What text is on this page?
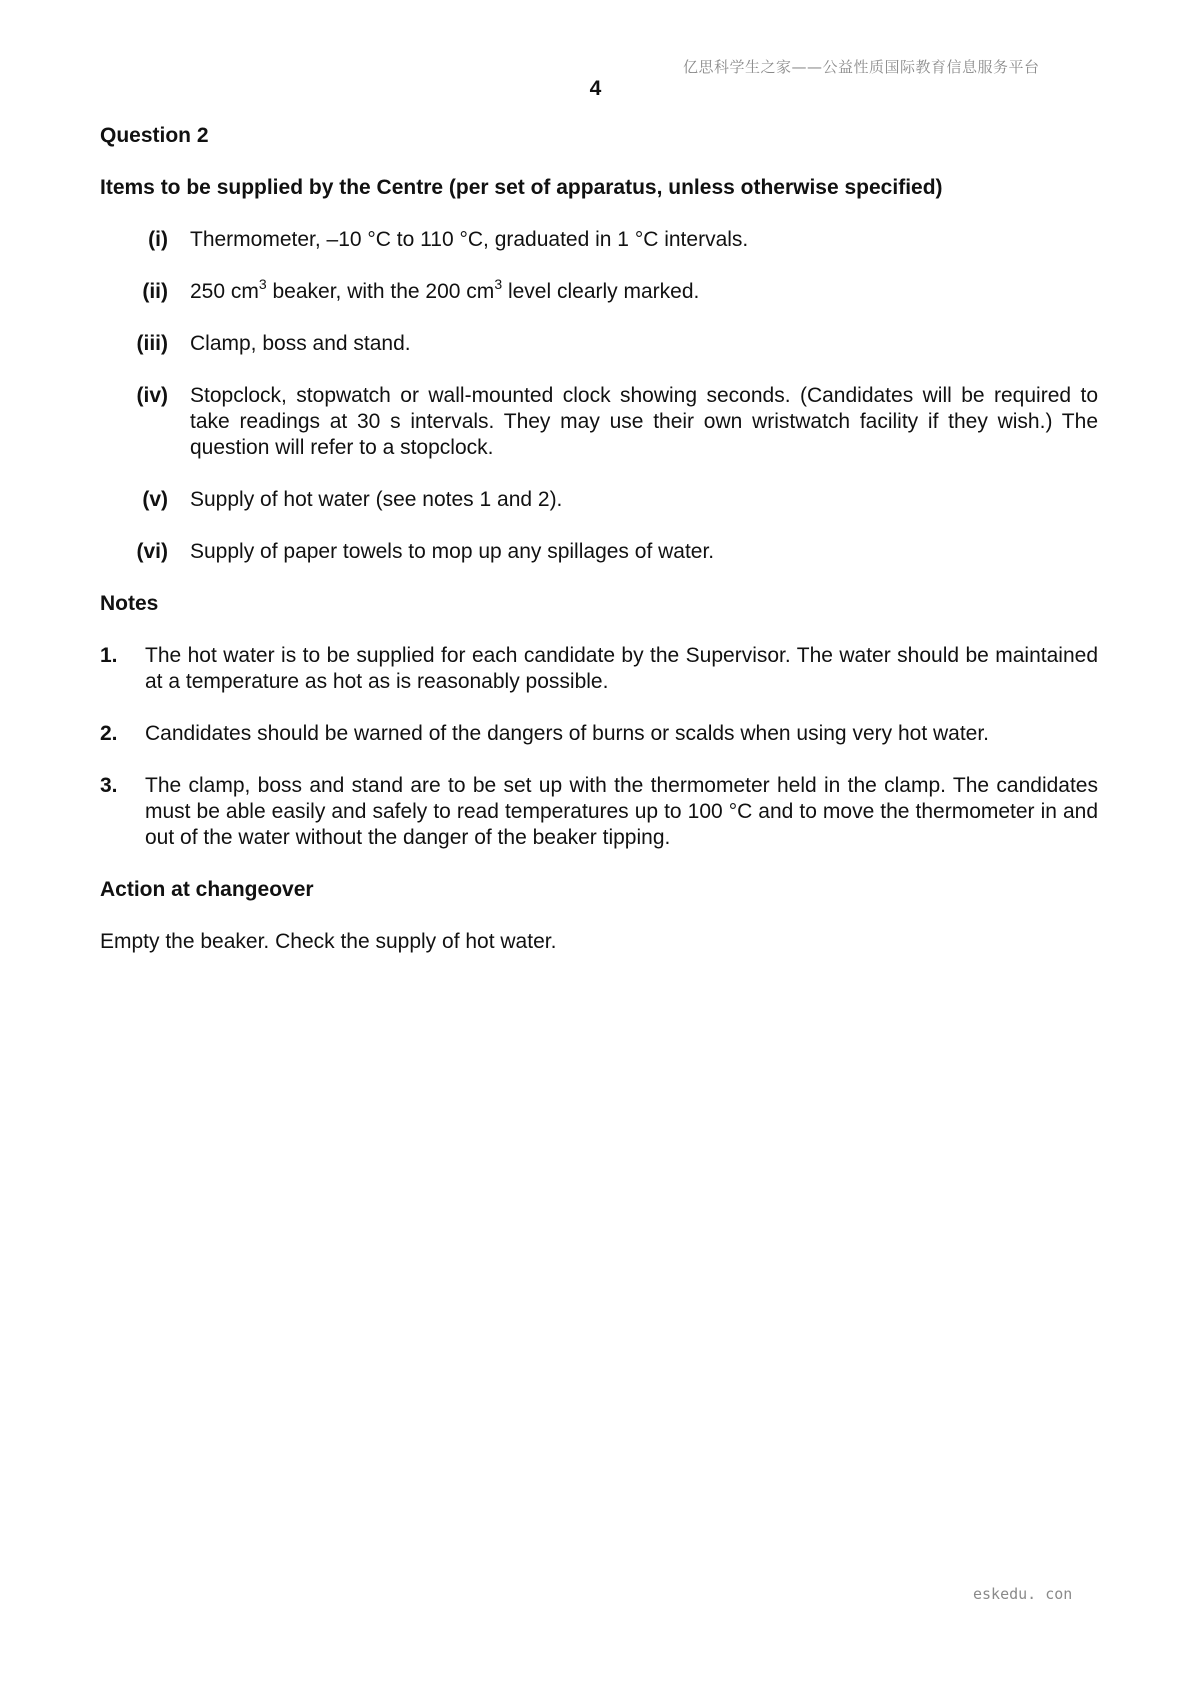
亿思科学生之家——公益性质国际教育信息服务平台
4
Question 2
Items to be supplied by the Centre (per set of apparatus, unless otherwise specified)
(i) Thermometer, –10 °C to 110 °C, graduated in 1 °C intervals.
(ii) 250 $cm^3$ beaker, with the 200 $cm^3$ level clearly marked.
(iii) Clamp, boss and stand.
(iv) Stopclock, stopwatch or wall-mounted clock showing seconds. (Candidates will be required to take readings at 30 s intervals. They may use their own wristwatch facility if they wish.) The question will refer to a stopclock.
(v) Supply of hot water (see notes 1 and 2).
(vi) Supply of paper towels to mop up any spillages of water.
Notes
1. The hot water is to be supplied for each candidate by the Supervisor. The water should be maintained at a temperature as hot as is reasonably possible.
2. Candidates should be warned of the dangers of burns or scalds when using very hot water.
3. The clamp, boss and stand are to be set up with the thermometer held in the clamp. The candidates must be able easily and safely to read temperatures up to 100 °C and to move the thermometer in and out of the water without the danger of the beaker tipping.
Action at changeover
Empty the beaker. Check the supply of hot water.
eskedu. con
